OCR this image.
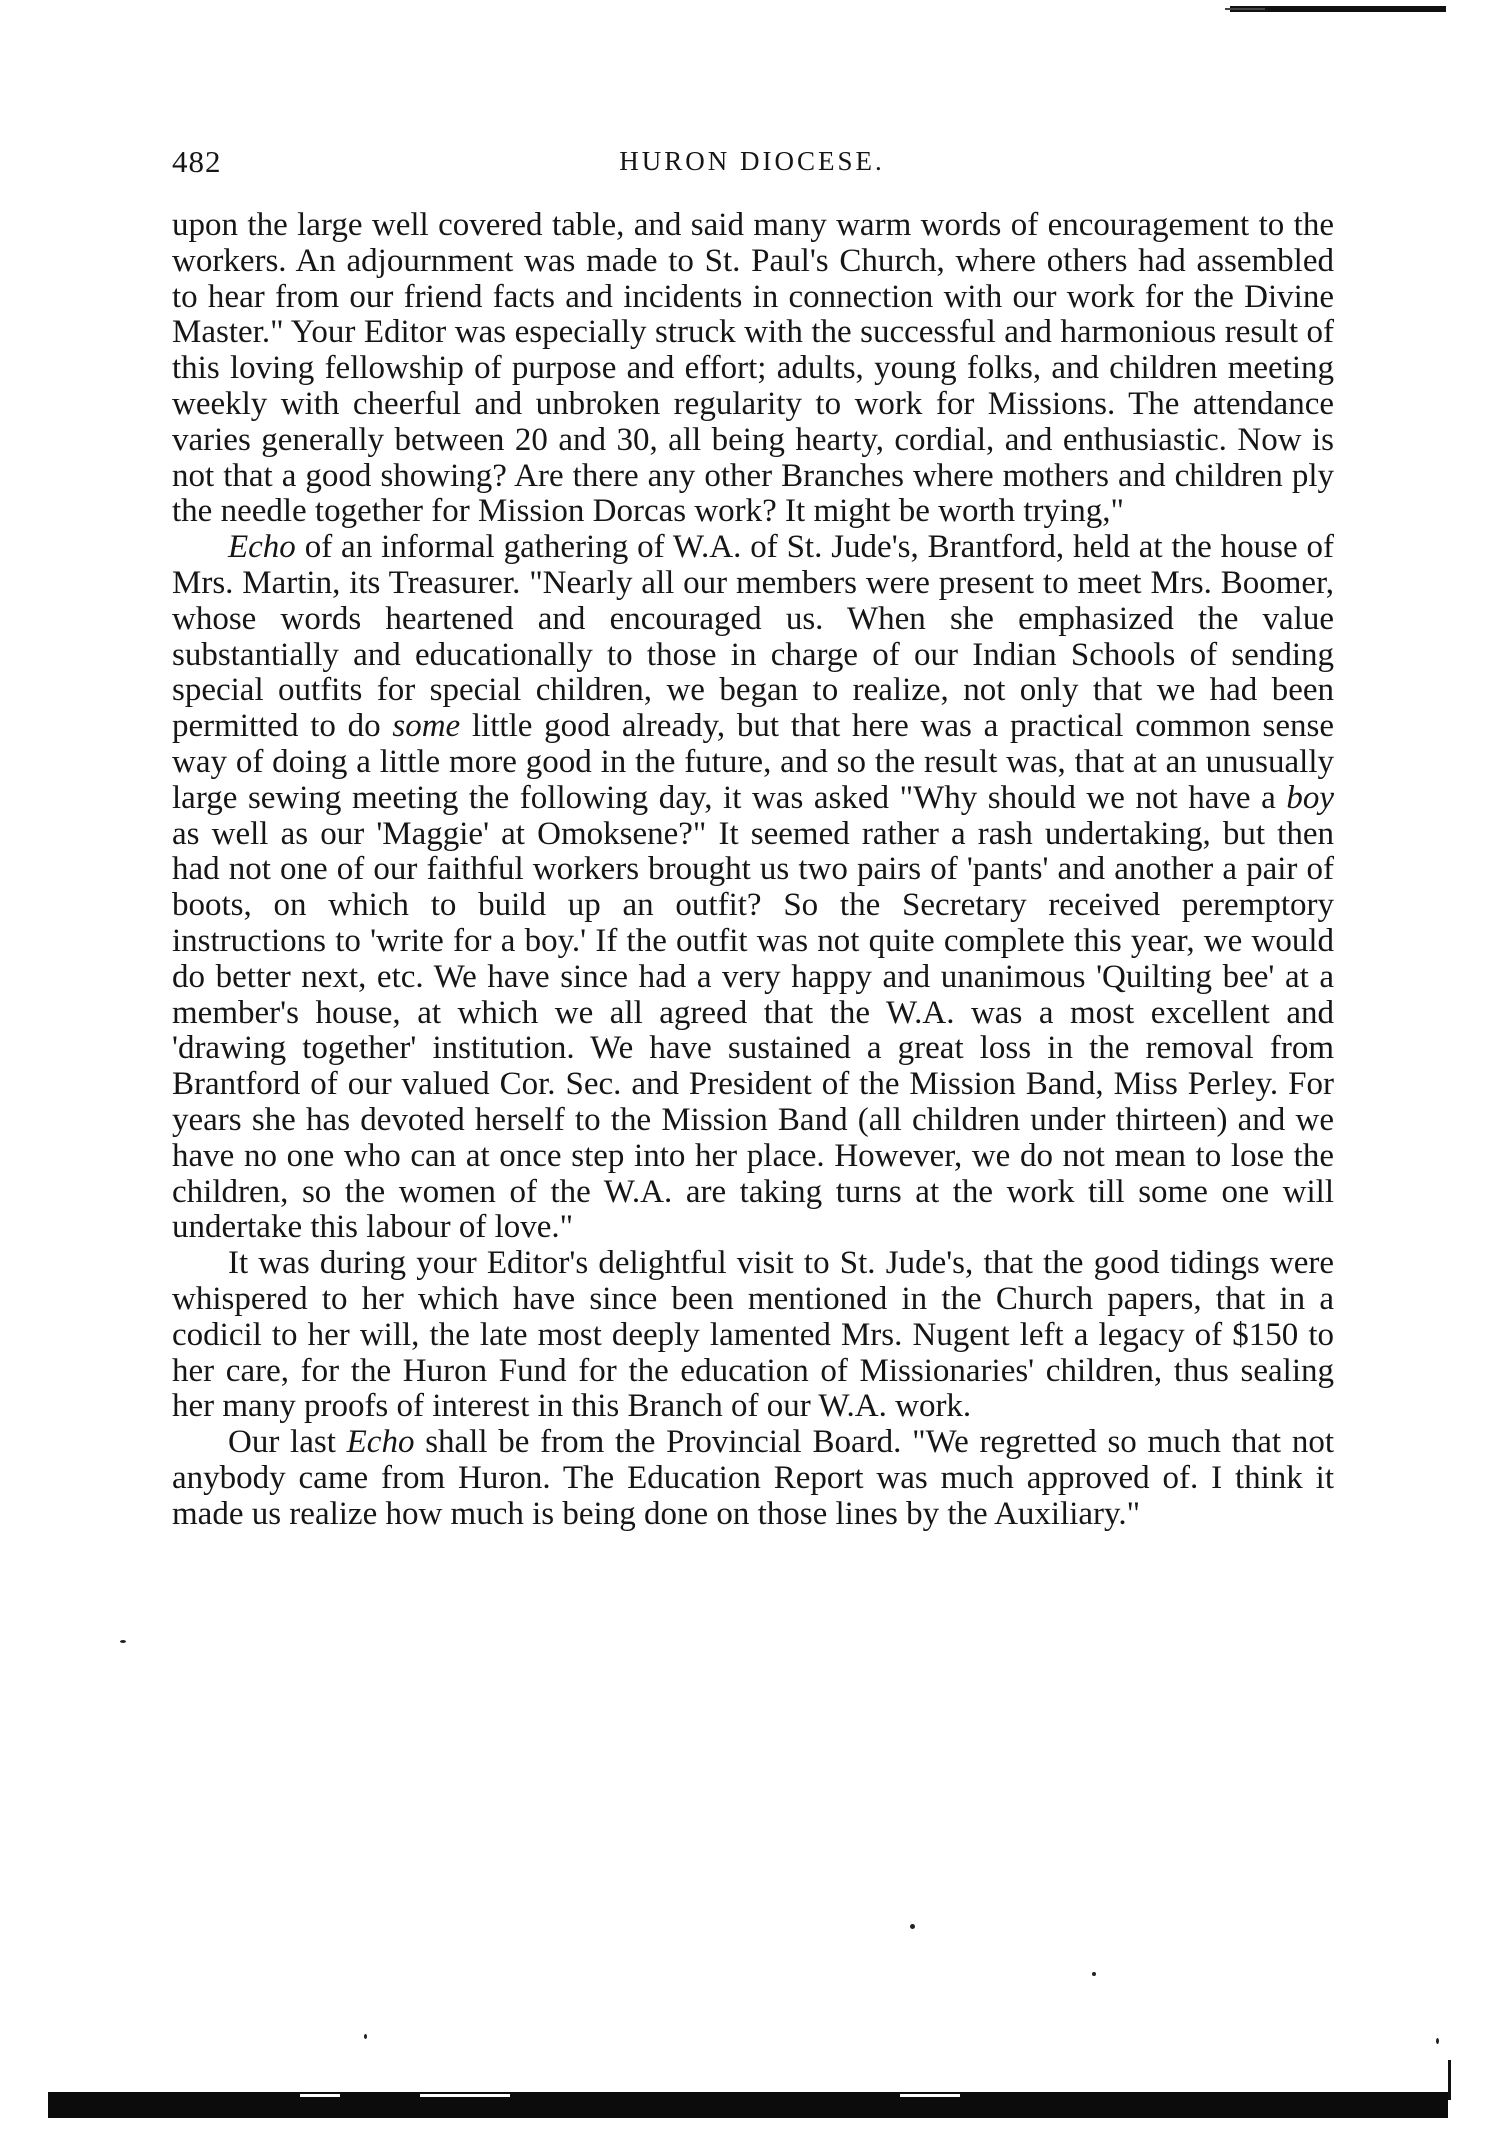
482	HURON DIOCESE.

upon the large well covered table, and said many warm words of encouragement to the workers. An adjournment was made to St. Paul's Church, where others had assembled to hear from our friend facts and incidents in connection with our work for the Divine Master." Your Editor was especially struck with the successful and harmonious result of this loving fellowship of purpose and effort; adults, young folks, and children meeting weekly with cheerful and unbroken regularity to work for Missions. The attendance varies generally between 20 and 30, all being hearty, cordial, and enthusiastic. Now is not that a good showing? Are there any other Branches where mothers and children ply the needle together for Mission Dorcas work? It might be worth trying,"

Echo of an informal gathering of W.A. of St. Jude's, Brantford, held at the house of Mrs. Martin, its Treasurer. "Nearly all our members were present to meet Mrs. Boomer, whose words heartened and encouraged us. When she emphasized the value substantially and educationally to those in charge of our Indian Schools of sending special outfits for special children, we began to realize, not only that we had been permitted to do some little good already, but that here was a practical common sense way of doing a little more good in the future, and so the result was, that at an unusually large sewing meeting the following day, it was asked "Why should we not have a boy as well as our 'Maggie' at Omoksene?" It seemed rather a rash undertaking, but then had not one of our faithful workers brought us two pairs of 'pants' and another a pair of boots, on which to build up an outfit? So the Secretary received peremptory instructions to 'write for a boy.' If the outfit was not quite complete this year, we would do better next, etc. We have since had a very happy and unanimous 'Quilting bee' at a member's house, at which we all agreed that the W.A. was a most excellent and 'drawing together' institution. We have sustained a great loss in the removal from Brantford of our valued Cor. Sec. and President of the Mission Band, Miss Perley. For years she has devoted herself to the Mission Band (all children under thirteen) and we have no one who can at once step into her place. However, we do not mean to lose the children, so the women of the W.A. are taking turns at the work till some one will undertake this labour of love."

It was during your Editor's delightful visit to St. Jude's, that the good tidings were whispered to her which have since been mentioned in the Church papers, that in a codicil to her will, the late most deeply lamented Mrs. Nugent left a legacy of $150 to her care, for the Huron Fund for the education of Missionaries' children, thus sealing her many proofs of interest in this Branch of our W.A. work.

Our last Echo shall be from the Provincial Board. "We regretted so much that not anybody came from Huron. The Education Report was much approved of. I think it made us realize how much is being done on those lines by the Auxiliary."
